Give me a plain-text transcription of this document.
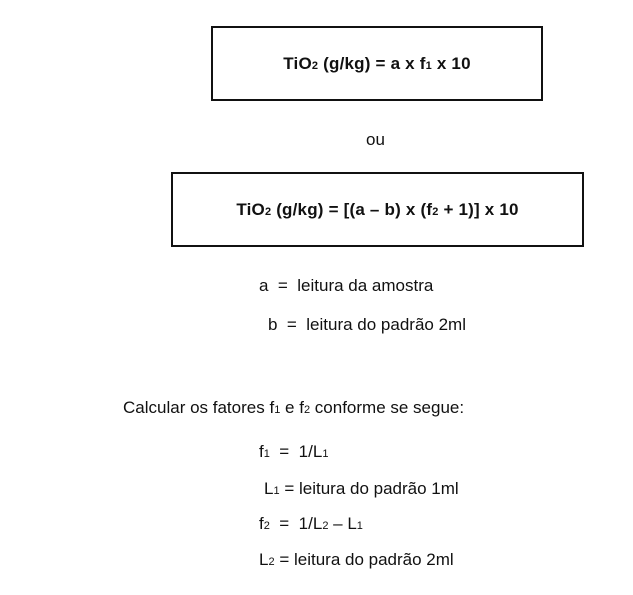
TiO2 (g/kg) = a x f1 x 10
ou
TiO2 (g/kg) = [(a – b) x (f2 + 1)] x 10
a  =  leitura da amostra
b  =  leitura do padrão 2ml
Calcular os fatores f1 e f2 conforme se segue:
f1  =  1/L1
L1 = leitura do padrão 1ml
f2  =  1/L2 – L1
L2 = leitura do padrão 2ml
